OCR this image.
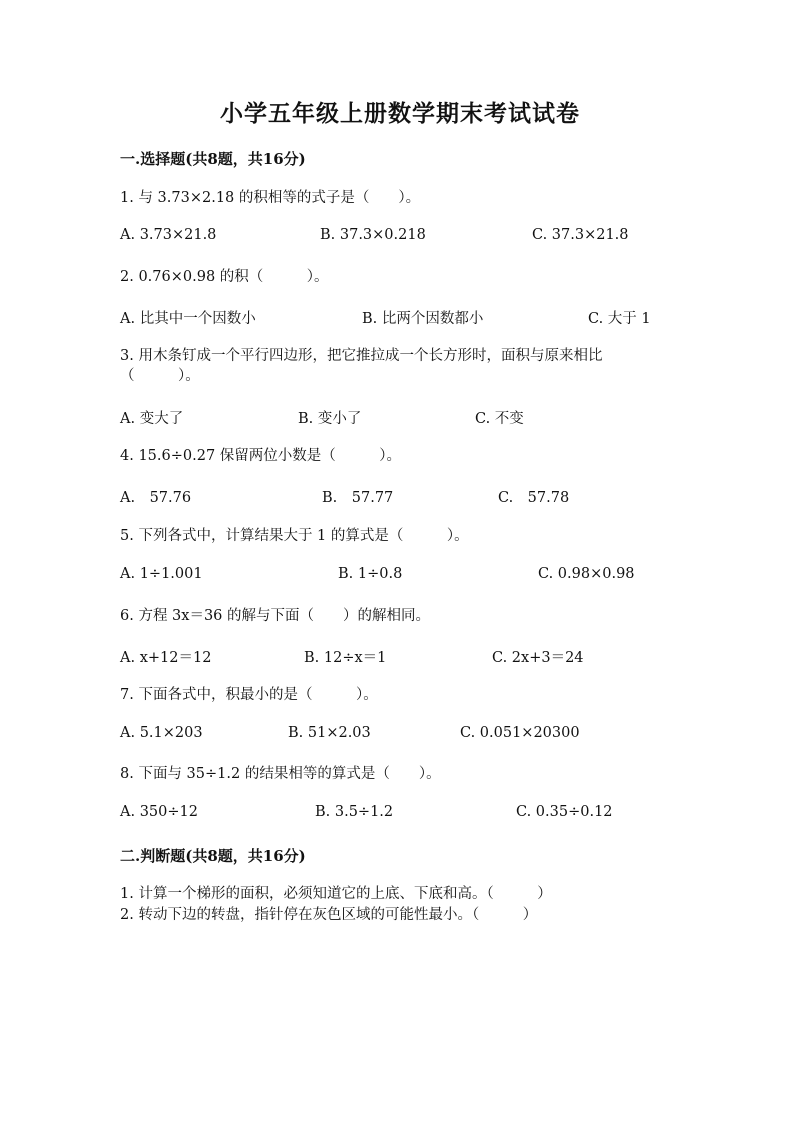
小学五年级上册数学期末考试试卷
一.选择题(共8题，共16分)
1. 与 3.73×2.18 的积相等的式子是（　　）。
A. 3.73×21.8	B. 37.3×0.218	C. 37.3×21.8
2. 0.76×0.98 的积（　　　）。
A. 比其中一个因数小	B. 比两个因数都小	C. 大于 1
3. 用木条钉成一个平行四边形，把它推拉成一个长方形时，面积与原来相比（　　　）。
A. 变大了	B. 变小了	C. 不变
4. 15.6÷0.27 保留两位小数是（　　　）。
A.　57.76	B.　57.77	C.　57.78
5. 下列各式中，计算结果大于 1 的算式是（　　　）。
A. 1÷1.001	B. 1÷0.8	C. 0.98×0.98
6. 方程 3x＝36 的解与下面（　　）的解相同。
A. x+12＝12	B. 12÷x＝1	C. 2x+3＝24
7. 下面各式中，积最小的是（　　　）。
A. 5.1×203	B. 51×2.03	C. 0.051×20300
8. 下面与 35÷1.2 的结果相等的算式是（　　）。
A. 350÷12	B. 3.5÷1.2	C. 0.35÷0.12
二.判断题(共8题，共16分)
1. 计算一个梯形的面积，必须知道它的上底、下底和高。（　　　）
2. 转动下边的转盘，指针停在灰色区域的可能性最小。（　　　）
